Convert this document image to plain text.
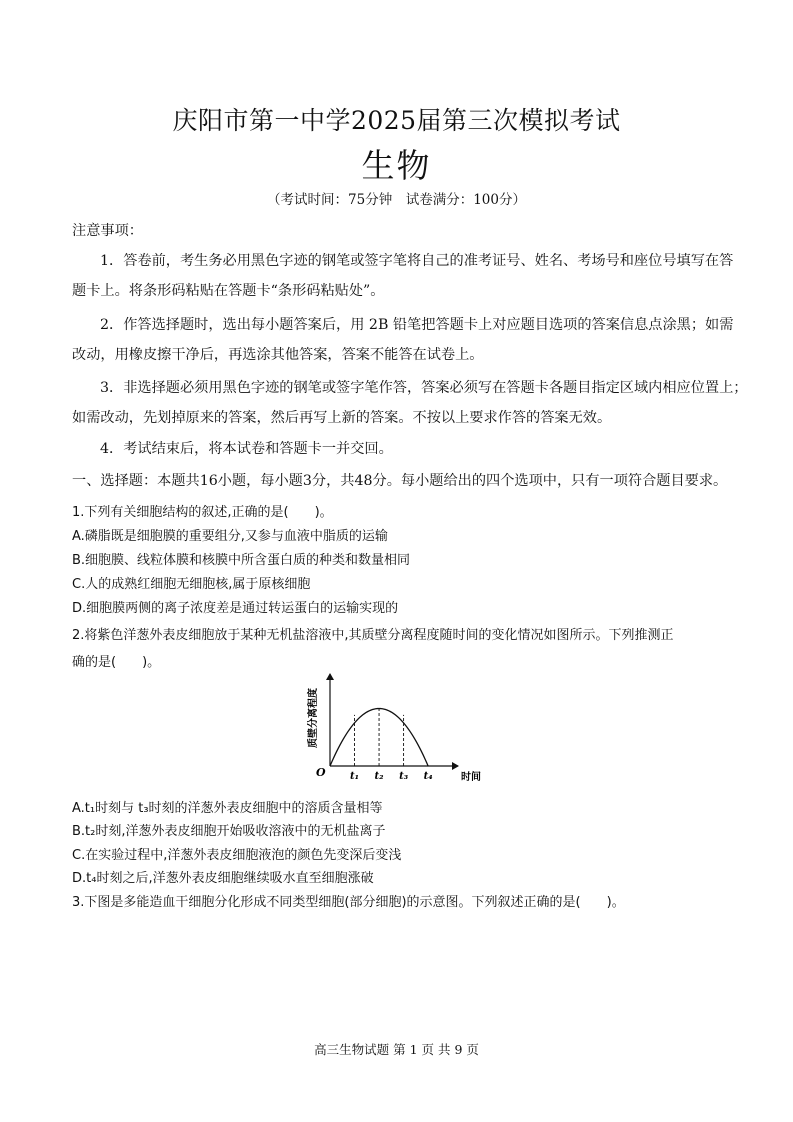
庆阳市第一中学2025届第三次模拟考试
生物
（考试时间：75分钟　试卷满分：100分）
注意事项：
1．答卷前，考生务必用黑色字迹的钢笔或签字笔将自己的准考证号、姓名、考场号和座位号填写在答
题卡上。将条形码粘贴在答题卡“条形码粘贴处”。
2．作答选择题时，选出每小题答案后，用 2B 铅笔把答题卡上对应题目选项的答案信息点涂黑；如需
改动，用橡皮擦干净后，再选涂其他答案，答案不能答在试卷上。
3．非选择题必须用黑色字迹的钢笔或签字笔作答，答案必须写在答题卡各题目指定区域内相应位置上；
如需改动，先划掉原来的答案，然后再写上新的答案。不按以上要求作答的答案无效。
4．考试结束后，将本试卷和答题卡一并交回。
一、选择题：本题共16小题，每小题3分，共48分。每小题给出的四个选项中，只有一项符合题目要求。
1.下列有关细胞结构的叙述,正确的是(　　)。
A.磷脂既是细胞膜的重要组分,又参与血液中脂质的运输
B.细胞膜、线粒体膜和核膜中所含蛋白质的种类和数量相同
C.人的成熟红细胞无细胞核,属于原核细胞
D.细胞膜两侧的离子浓度差是通过转运蛋白的运输实现的
2.将紫色洋葱外表皮细胞放于某种无机盐溶液中,其质壁分离程度随时间的变化情况如图所示。下列推测正
确的是(　　)。
质壁分离程度
O	时间
t₁ t₂ t₃ t₄
A.t₁时刻与 t₃时刻的洋葱外表皮细胞中的溶质含量相等
B.t₂时刻,洋葱外表皮细胞开始吸收溶液中的无机盐离子
C.在实验过程中,洋葱外表皮细胞液泡的颜色先变深后变浅
D.t₄时刻之后,洋葱外表皮细胞继续吸水直至细胞涨破
3.下图是多能造血干细胞分化形成不同类型细胞(部分细胞)的示意图。下列叙述正确的是(　　)。
高三生物试题 第 1 页 共 9 页
